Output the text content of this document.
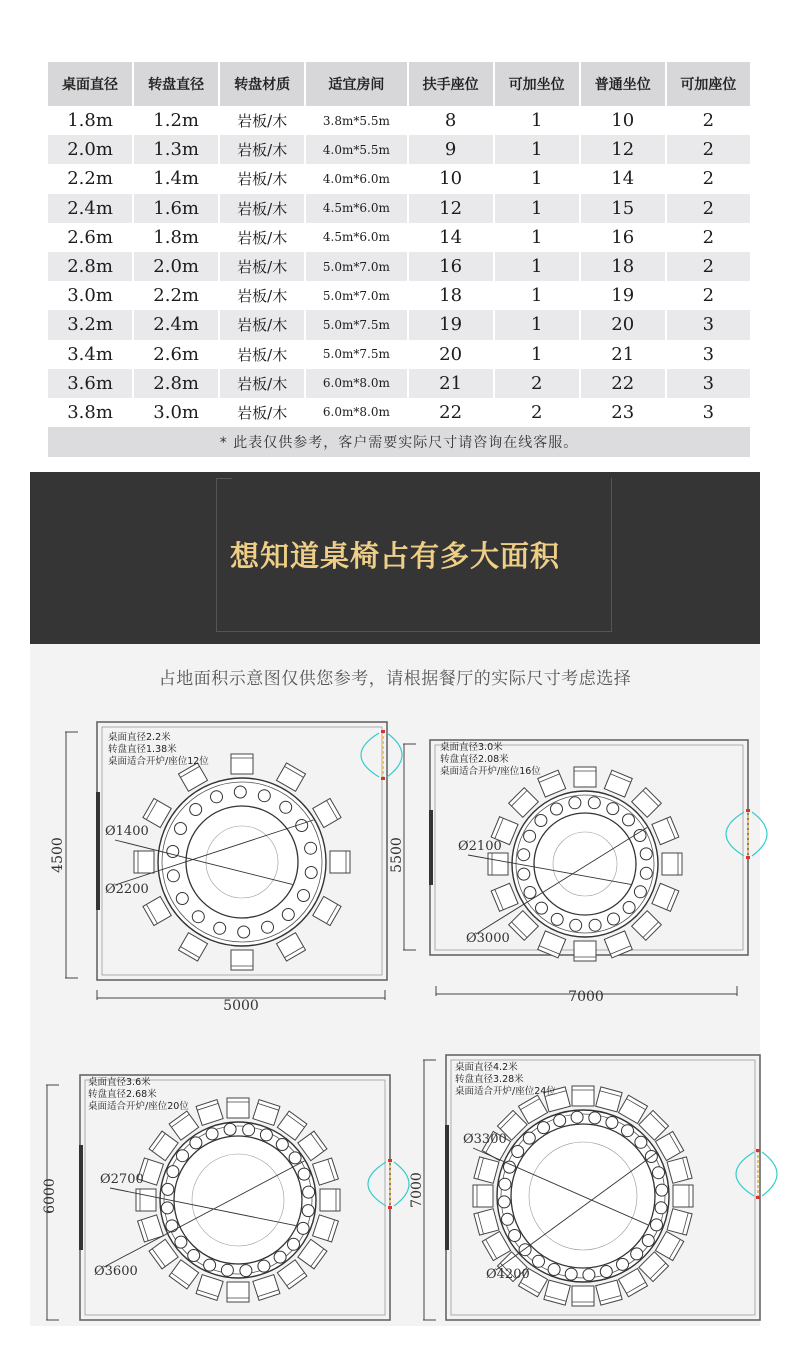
桌面直径	转盘直径	转盘材质	适宜房间	扶手座位	可加坐位	普通坐位	可加座位
1.8m	1.2m	岩板/木	3.8m*5.5m	8	1	10	2
2.0m	1.3m	岩板/木	4.0m*5.5m	9	1	12	2
2.2m	1.4m	岩板/木	4.0m*6.0m	10	1	14	2
2.4m	1.6m	岩板/木	4.5m*6.0m	12	1	15	2
2.6m	1.8m	岩板/木	4.5m*6.0m	14	1	16	2
2.8m	2.0m	岩板/木	5.0m*7.0m	16	1	18	2
3.0m	2.2m	岩板/木	5.0m*7.0m	18	1	19	2
3.2m	2.4m	岩板/木	5.0m*7.5m	19	1	20	3
3.4m	2.6m	岩板/木	5.0m*7.5m	20	1	21	3
3.6m	2.8m	岩板/木	6.0m*8.0m	21	2	22	3
3.8m	3.0m	岩板/木	6.0m*8.0m	22	2	23	3
* 此表仅供参考，客户需要实际尺寸请咨询在线客服。							
想知道桌椅占有多大面积
占地面积示意图仅供您参考，请根据餐厅的实际尺寸考虑选择
Ø1400
Ø2200
桌面直径2.2米
转盘直径1.38米
桌面适合开炉/座位12位
5000
4500	Ø2100
Ø3000
桌面直径3.0米
转盘直径2.08米
桌面适合开炉/座位16位
7000
5500
Ø2700
Ø3600
桌面直径3.6米
转盘直径2.68米
桌面适合开炉/座位20位
6000
Ø3300
Ø4200
桌面直径4.2米
转盘直径3.28米
桌面适合开炉/座位24位
7000
